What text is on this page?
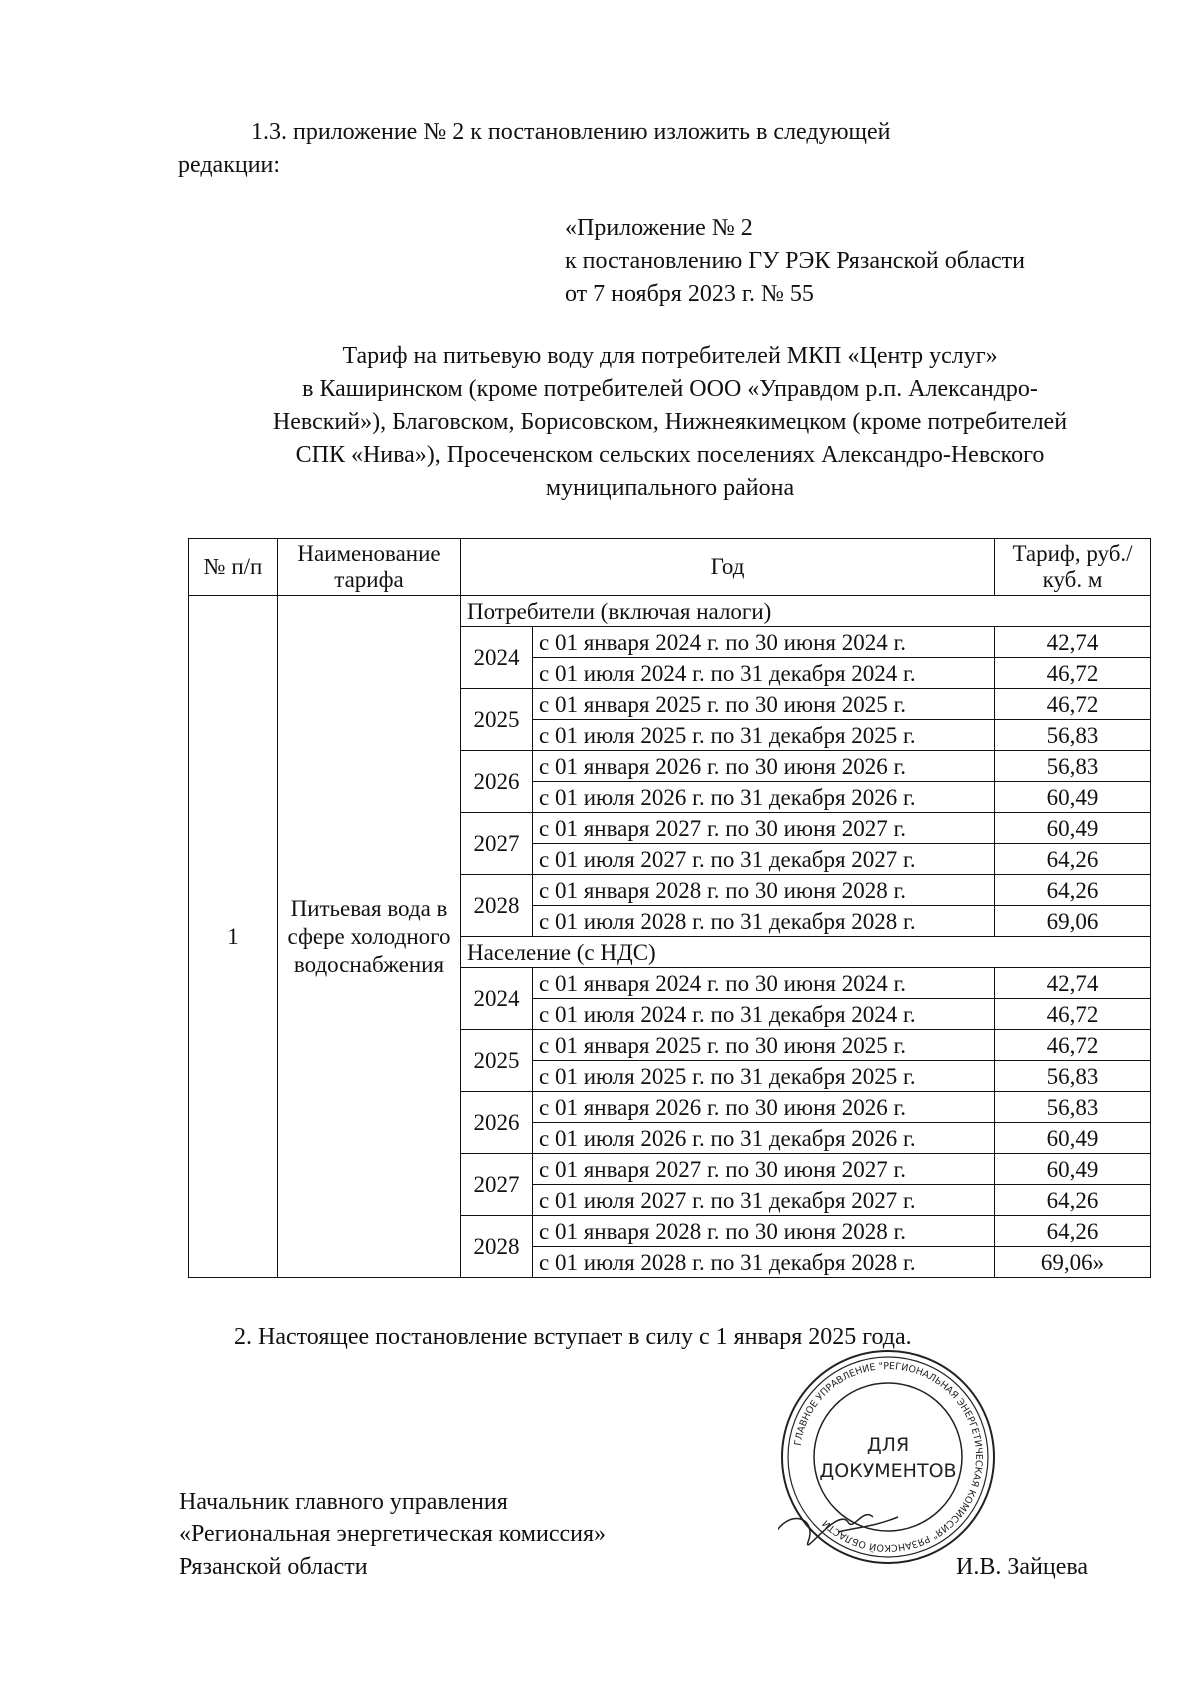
1.3. приложение № 2 к постановлению изложить в следующей
редакции:
«Приложение № 2
к постановлению ГУ РЭК Рязанской области
от 7 ноября 2023 г. № 55
Тариф на питьевую воду для потребителей МКП «Центр услуг»
в Каширинском (кроме потребителей ООО «Управдом р.п. Александро-
Невский»), Благовском, Борисовском, Нижнеякимецком (кроме потребителей
СПК «Нива»), Просеченском сельских поселениях Александро-Невского
муниципального района
№ п/п	Наименование тарифа	Год		Тариф, руб./куб. м
1	Питьевая вода в сфере холодного водоснабжения	Потребители (включая налоги)		
		2024	с 01 января 2024 г. по 30 июня 2024 г.	42,74
			с 01 июля 2024 г. по 31 декабря 2024 г.	46,72
		2025	с 01 января 2025 г. по 30 июня 2025 г.	46,72
			с 01 июля 2025 г. по 31 декабря 2025 г.	56,83
		2026	с 01 января 2026 г. по 30 июня 2026 г.	56,83
			с 01 июля 2026 г. по 31 декабря 2026 г.	60,49
		2027	с 01 января 2027 г. по 30 июня 2027 г.	60,49
			с 01 июля 2027 г. по 31 декабря 2027 г.	64,26
		2028	с 01 января 2028 г. по 30 июня 2028 г.	64,26
			с 01 июля 2028 г. по 31 декабря 2028 г.	69,06
		Население (с НДС)		
		2024	с 01 января 2024 г. по 30 июня 2024 г.	42,74
			с 01 июля 2024 г. по 31 декабря 2024 г.	46,72
		2025	с 01 января 2025 г. по 30 июня 2025 г.	46,72
			с 01 июля 2025 г. по 31 декабря 2025 г.	56,83
		2026	с 01 января 2026 г. по 30 июня 2026 г.	56,83
			с 01 июля 2026 г. по 31 декабря 2026 г.	60,49
		2027	с 01 января 2027 г. по 30 июня 2027 г.	60,49
			с 01 июля 2027 г. по 31 декабря 2027 г.	64,26
		2028	с 01 января 2028 г. по 30 июня 2028 г.	64,26
			с 01 июля 2028 г. по 31 декабря 2028 г.	69,06»
2. Настоящее постановление вступает в силу с 1 января 2025 года.
Начальник главного управления
«Региональная энергетическая комиссия»
Рязанской области
ГЛАВНОЕ УПРАВЛЕНИЕ "РЕГИОНАЛЬНАЯ ЭНЕРГЕТИЧЕСКАЯ КОМИССИЯ" РЯЗАНСКОЙ ОБЛАСТИ
ДЛЯ
ДОКУМЕНТОВ
И.В. Зайцева
